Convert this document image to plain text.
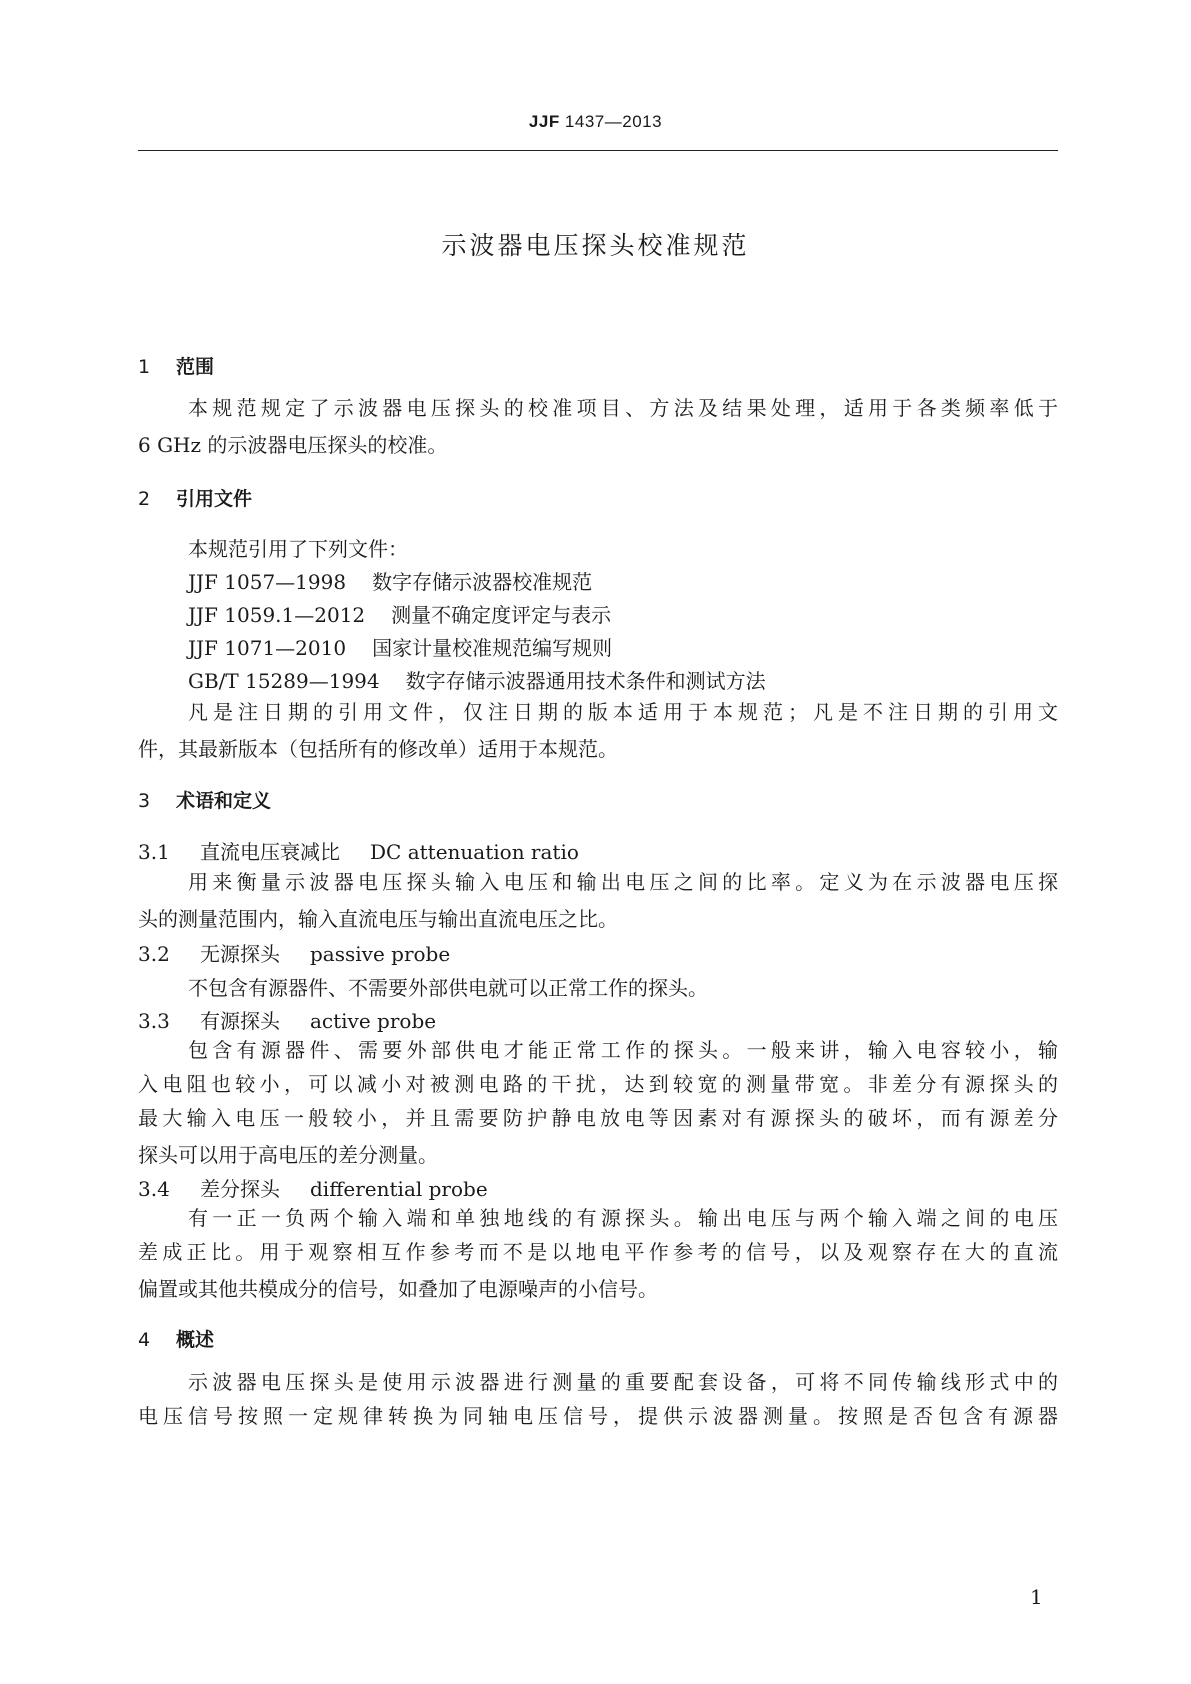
JJF 1437—2013
示波器电压探头校准规范
1 范围
本规范规定了示波器电压探头的校准项目、方法及结果处理，适用于各类频率低于
6 GHz 的示波器电压探头的校准。
2 引用文件
本规范引用了下列文件：
JJF 1057—1998 数字存储示波器校准规范
JJF 1059.1—2012 测量不确定度评定与表示
JJF 1071—2010 国家计量校准规范编写规则
GB/T 15289—1994 数字存储示波器通用技术条件和测试方法
凡是注日期的引用文件，仅注日期的版本适用于本规范；凡是不注日期的引用文
件，其最新版本（包括所有的修改单）适用于本规范。
3 术语和定义
3.1 直流电压衰减比 DC attenuation ratio
用来衡量示波器电压探头输入电压和输出电压之间的比率。定义为在示波器电压探
头的测量范围内，输入直流电压与输出直流电压之比。
3.2 无源探头 passive probe
不包含有源器件、不需要外部供电就可以正常工作的探头。
3.3 有源探头 active probe
包含有源器件、需要外部供电才能正常工作的探头。一般来讲，输入电容较小，输
入电阻也较小，可以减小对被测电路的干扰，达到较宽的测量带宽。非差分有源探头的
最大输入电压一般较小，并且需要防护静电放电等因素对有源探头的破坏，而有源差分
探头可以用于高电压的差分测量。
3.4 差分探头 differential probe
有一正一负两个输入端和单独地线的有源探头。输出电压与两个输入端之间的电压
差成正比。用于观察相互作参考而不是以地电平作参考的信号，以及观察存在大的直流
偏置或其他共模成分的信号，如叠加了电源噪声的小信号。
4 概述
示波器电压探头是使用示波器进行测量的重要配套设备，可将不同传输线形式中的
电压信号按照一定规律转换为同轴电压信号，提供示波器测量。按照是否包含有源器
1
